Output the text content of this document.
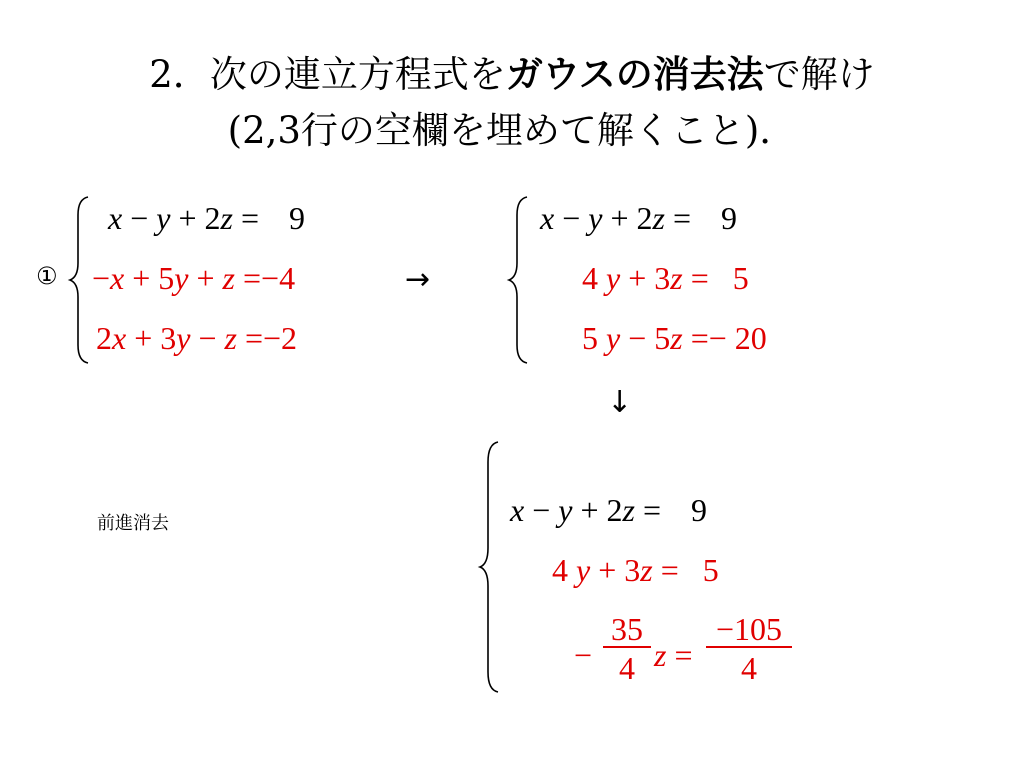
2．次の連立方程式をガウスの消去法で解け
(2,3行の空欄を埋めて解くこと)．
①
x − y + 2z = 9
−x + 5y + z =−4
2x + 3y − z =−2
→
x − y + 2z = 9
4 y + 3z = 5
5 y − 5z =− 20
↓
前進消去	x − y + 2z = 9
4 y + 3z = 5
− $\frac{35}{4}$ $z = \frac{-105}{4}$
